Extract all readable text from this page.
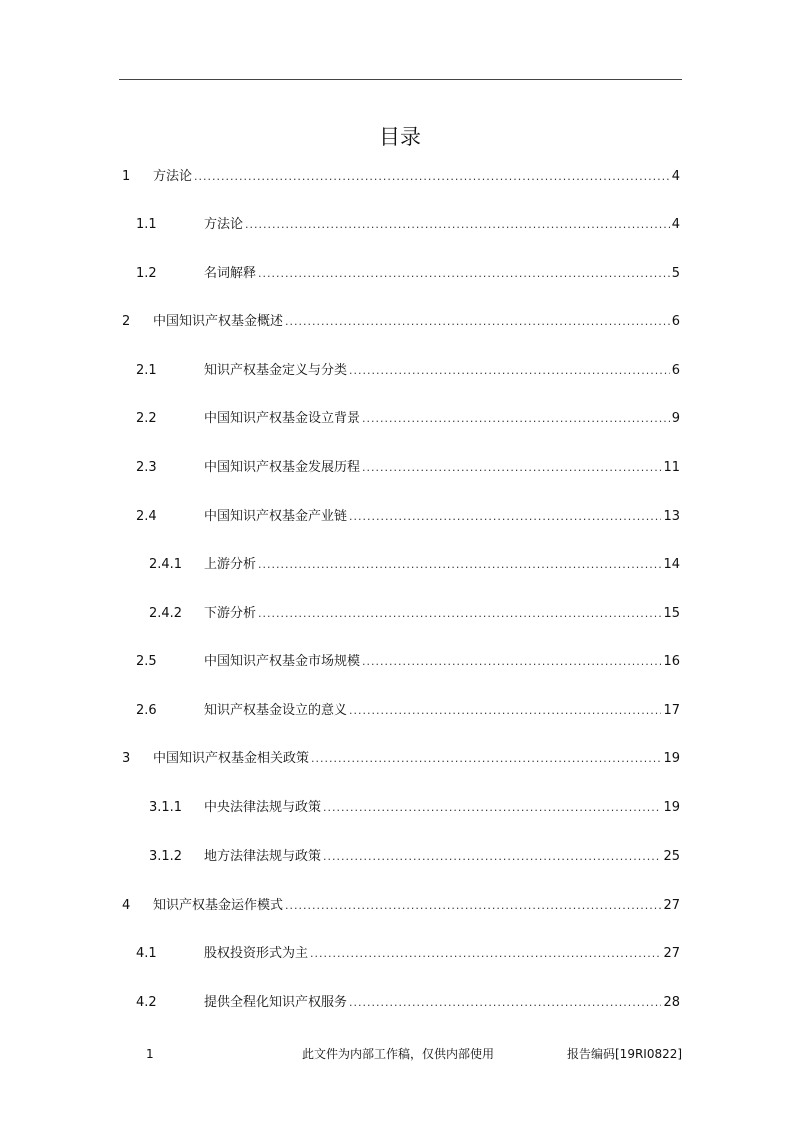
目录
1	方法论 .....	4
1.1	方法论 .....	4
1.2	名词解释 .....	5
2	中国知识产权基金概述 .....	6
2.1	知识产权基金定义与分类 .....	6
2.2	中国知识产权基金设立背景 .....	9
2.3	中国知识产权基金发展历程 .....	11
2.4	中国知识产权基金产业链 .....	13
2.4.1	上游分析 .....	14
2.4.2	下游分析 .....	15
2.5	中国知识产权基金市场规模 .....	16
2.6	知识产权基金设立的意义 .....	17
3	中国知识产权基金相关政策 .....	19
3.1.1	中央法律法规与政策 .....	19
3.1.2	地方法律法规与政策 .....	25
4	知识产权基金运作模式 .....	27
4.1	股权投资形式为主 .....	27
4.2	提供全程化知识产权服务 .....	28
1	此文件为内部工作稿，仅供内部使用	报告编码[19RI0822]
